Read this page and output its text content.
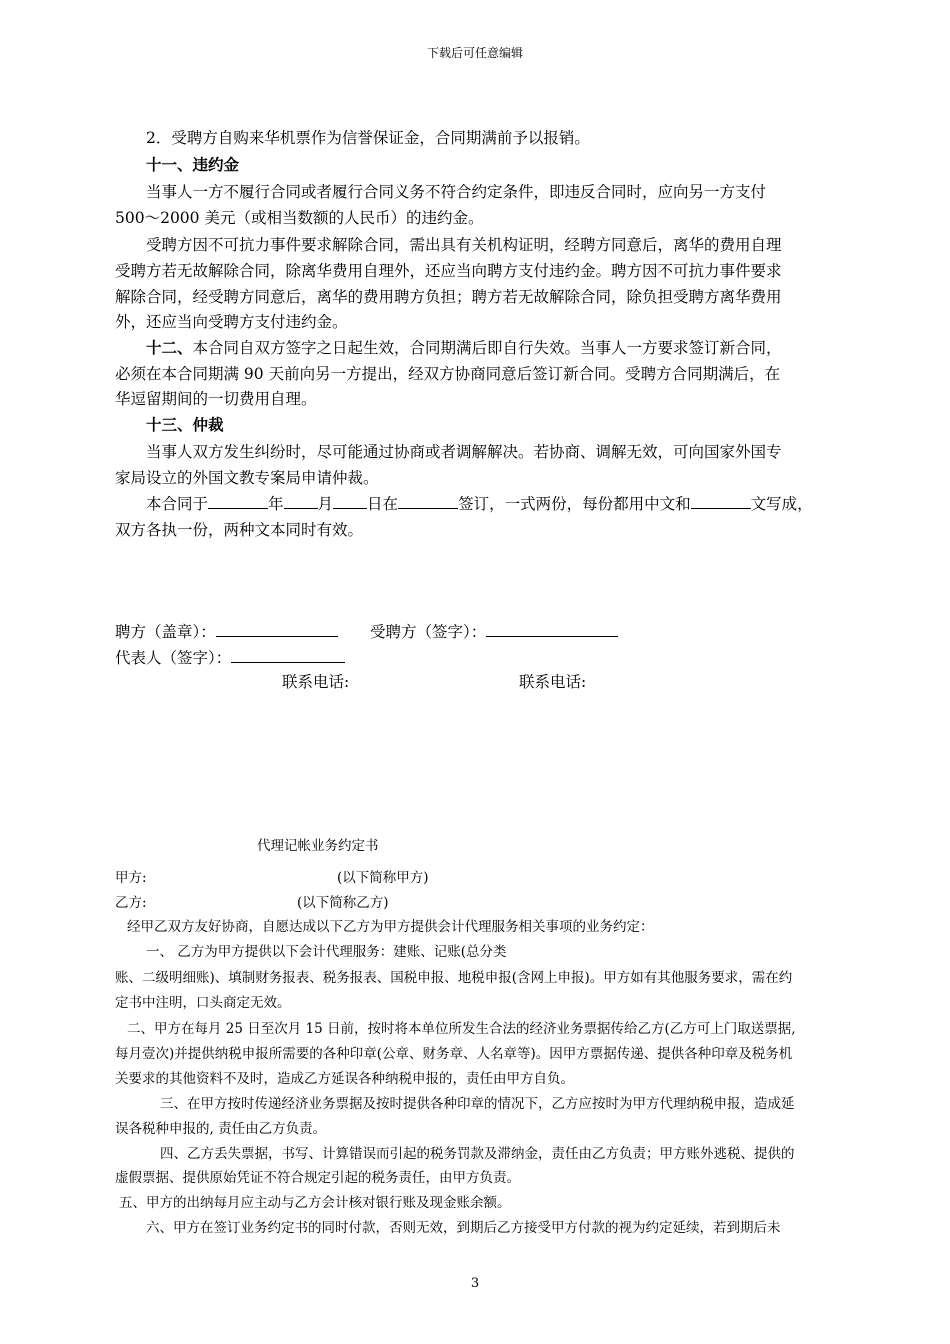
下载后可任意编辑
2．受聘方自购来华机票作为信誉保证金，合同期满前予以报销。
十一、违约金
当事人一方不履行合同或者履行合同义务不符合约定条件，即违反合同时，应向另一方支付
500～2000 美元（或相当数额的人民币）的违约金。
受聘方因不可抗力事件要求解除合同，需出具有关机构证明，经聘方同意后，离华的费用自理
受聘方若无故解除合同，除离华费用自理外，还应当向聘方支付违约金。聘方因不可抗力事件要求
解除合同，经受聘方同意后，离华的费用聘方负担；聘方若无故解除合同，除负担受聘方离华费用
外，还应当向受聘方支付违约金。
十二、本合同自双方签字之日起生效，合同期满后即自行失效。当事人一方要求签订新合同，
必须在本合同期满 90 天前向另一方提出，经双方协商同意后签订新合同。受聘方合同期满后，在
华逗留期间的一切费用自理。
十三、仲裁
当事人双方发生纠纷时，尽可能通过协商或者调解解决。若协商、调解无效，可向国家外国专
家局设立的外国文教专案局申请仲裁。
本合同于	年 月 日在	签订，一式两份，每份都用中文和	文写成，
双方各执一份，两种文本同时有效。
聘方（盖章）：	受聘方（签字）：
代表人（签字）：
联系电话:	联系电话:
代理记帐业务约定书
甲方:	(以下简称甲方)
乙方:	(以下简称乙方)
经甲乙双方友好协商，自愿达成以下乙方为甲方提供会计代理服务相关事项的业务约定：
一、 乙方为甲方提供以下会计代理服务：建账、记账(总分类
账、二级明细账)、填制财务报表、税务报表、国税申报、地税申报(含网上申报)。甲方如有其他服务要求，需在约
定书中注明，口头商定无效。
二、甲方在每月 25 日至次月 15 日前，按时将本单位所发生合法的经济业务票据传给乙方(乙方可上门取送票据,
每月壹次)并提供纳税申报所需要的各种印章(公章、财务章、人名章等)。因甲方票据传递、提供各种印章及税务机
关要求的其他资料不及时，造成乙方延误各种纳税申报的，责任由甲方自负。
三、在甲方按时传递经济业务票据及按时提供各种印章的情况下，乙方应按时为甲方代理纳税申报，造成延
误各税种申报的, 责任由乙方负责。
四、乙方丢失票据，书写、计算错误而引起的税务罚款及滞纳金，责任由乙方负责；甲方账外逃税、提供的
虚假票据、提供原始凭证不符合规定引起的税务责任，由甲方负责。
五、甲方的出纳每月应主动与乙方会计核对银行账及现金账余额。
六、甲方在签订业务约定书的同时付款，否则无效，到期后乙方接受甲方付款的视为约定延续，若到期后未
3
